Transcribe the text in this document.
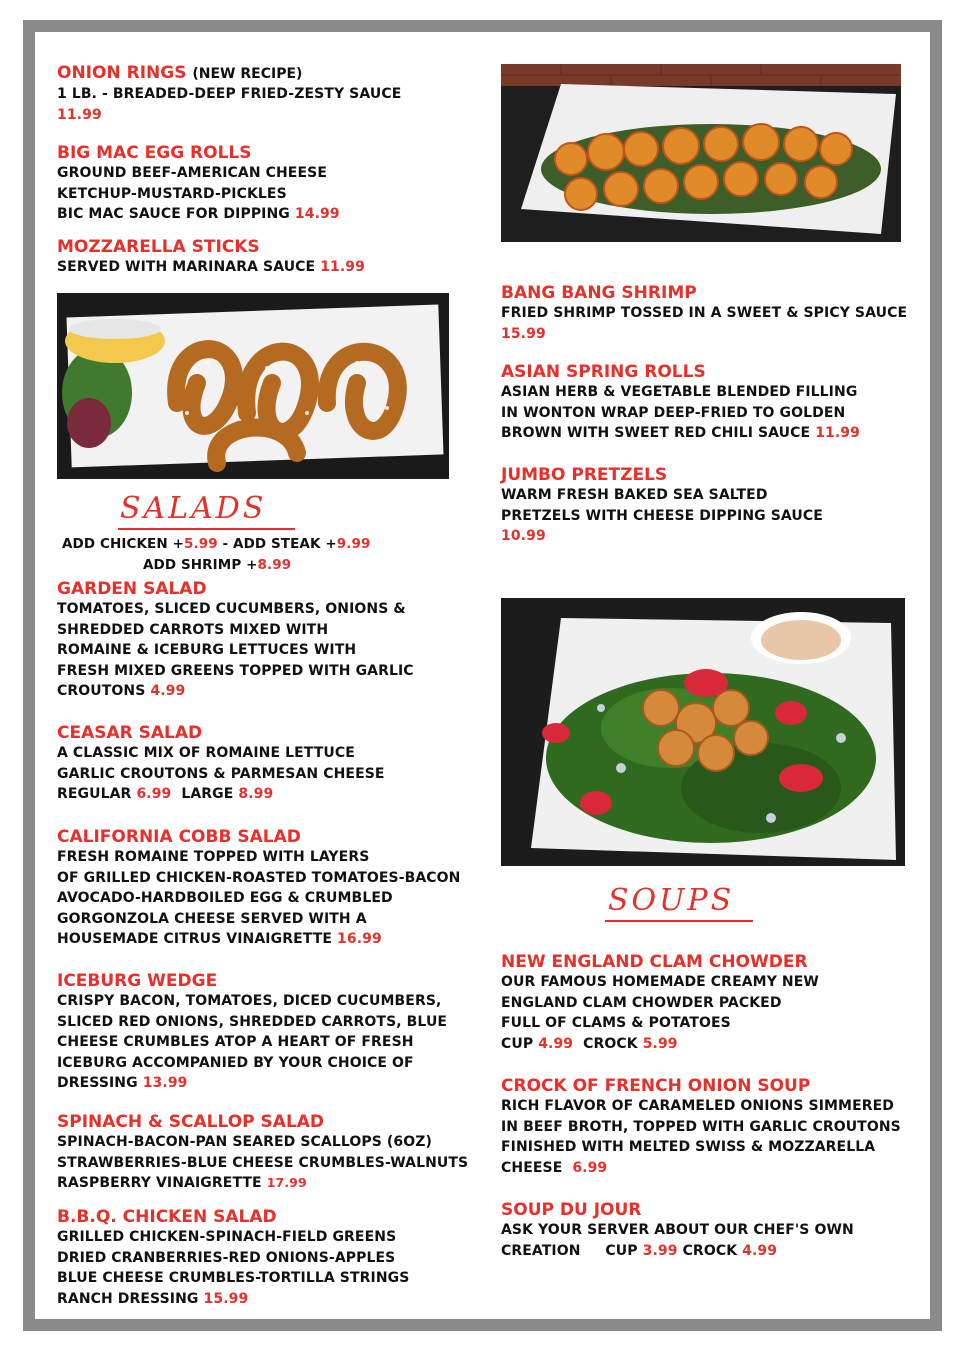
ONION RINGS (NEW RECIPE)
1 LB. - BREADED-DEEP FRIED-ZESTY SAUCE
11.99
BIG MAC EGG ROLLS
GROUND BEEF-AMERICAN CHEESE
KETCHUP-MUSTARD-PICKLES
BIC MAC SAUCE FOR DIPPING 14.99
MOZZARELLA STICKS
SERVED WITH MARINARA SAUCE 11.99
SALADS
ADD CHICKEN +5.99 - ADD STEAK +9.99
ADD SHRIMP +8.99
GARDEN SALAD
TOMATOES, SLICED CUCUMBERS, ONIONS &
SHREDDED CARROTS MIXED WITH
ROMAINE & ICEBURG LETTUCES WITH
FRESH MIXED GREENS TOPPED WITH GARLIC
CROUTONS 4.99
CEASAR SALAD
A CLASSIC MIX OF ROMAINE LETTUCE
GARLIC CROUTONS & PARMESAN CHEESE
REGULAR 6.99 LARGE 8.99
CALIFORNIA COBB SALAD
FRESH ROMAINE TOPPED WITH LAYERS
OF GRILLED CHICKEN-ROASTED TOMATOES-BACON
AVOCADO-HARDBOILED EGG & CRUMBLED
GORGONZOLA CHEESE SERVED WITH A
HOUSEMADE CITRUS VINAIGRETTE 16.99
ICEBURG WEDGE
CRISPY BACON, TOMATOES, DICED CUCUMBERS,
SLICED RED ONIONS, SHREDDED CARROTS, BLUE
CHEESE CRUMBLES ATOP A HEART OF FRESH
ICEBURG ACCOMPANIED BY YOUR CHOICE OF
DRESSING 13.99
SPINACH & SCALLOP SALAD
SPINACH-BACON-PAN SEARED SCALLOPS (6OZ)
STRAWBERRIES-BLUE CHEESE CRUMBLES-WALNUTS
RASPBERRY VINAIGRETTE 17.99
B.B.Q. CHICKEN SALAD
GRILLED CHICKEN-SPINACH-FIELD GREENS
DRIED CRANBERRIES-RED ONIONS-APPLES
BLUE CHEESE CRUMBLES-TORTILLA STRINGS
RANCH DRESSING 15.99
BANG BANG SHRIMP
FRIED SHRIMP TOSSED IN A SWEET & SPICY SAUCE
15.99
ASIAN SPRING ROLLS
ASIAN HERB & VEGETABLE BLENDED FILLING
IN WONTON WRAP DEEP-FRIED TO GOLDEN
BROWN WITH SWEET RED CHILI SAUCE 11.99
JUMBO PRETZELS
WARM FRESH BAKED SEA SALTED
PRETZELS WITH CHEESE DIPPING SAUCE
10.99
SOUPS
NEW ENGLAND CLAM CHOWDER
OUR FAMOUS HOMEMADE CREAMY NEW
ENGLAND CLAM CHOWDER PACKED
FULL OF CLAMS & POTATOES
CUP 4.99 CROCK 5.99
CROCK OF FRENCH ONION SOUP
RICH FLAVOR OF CARAMELED ONIONS SIMMERED
IN BEEF BROTH, TOPPED WITH GARLIC CROUTONS
FINISHED WITH MELTED SWISS & MOZZARELLA
CHEESE 6.99
SOUP DU JOUR
ASK YOUR SERVER ABOUT OUR CHEF'S OWN
CREATION CUP 3.99 CROCK 4.99
